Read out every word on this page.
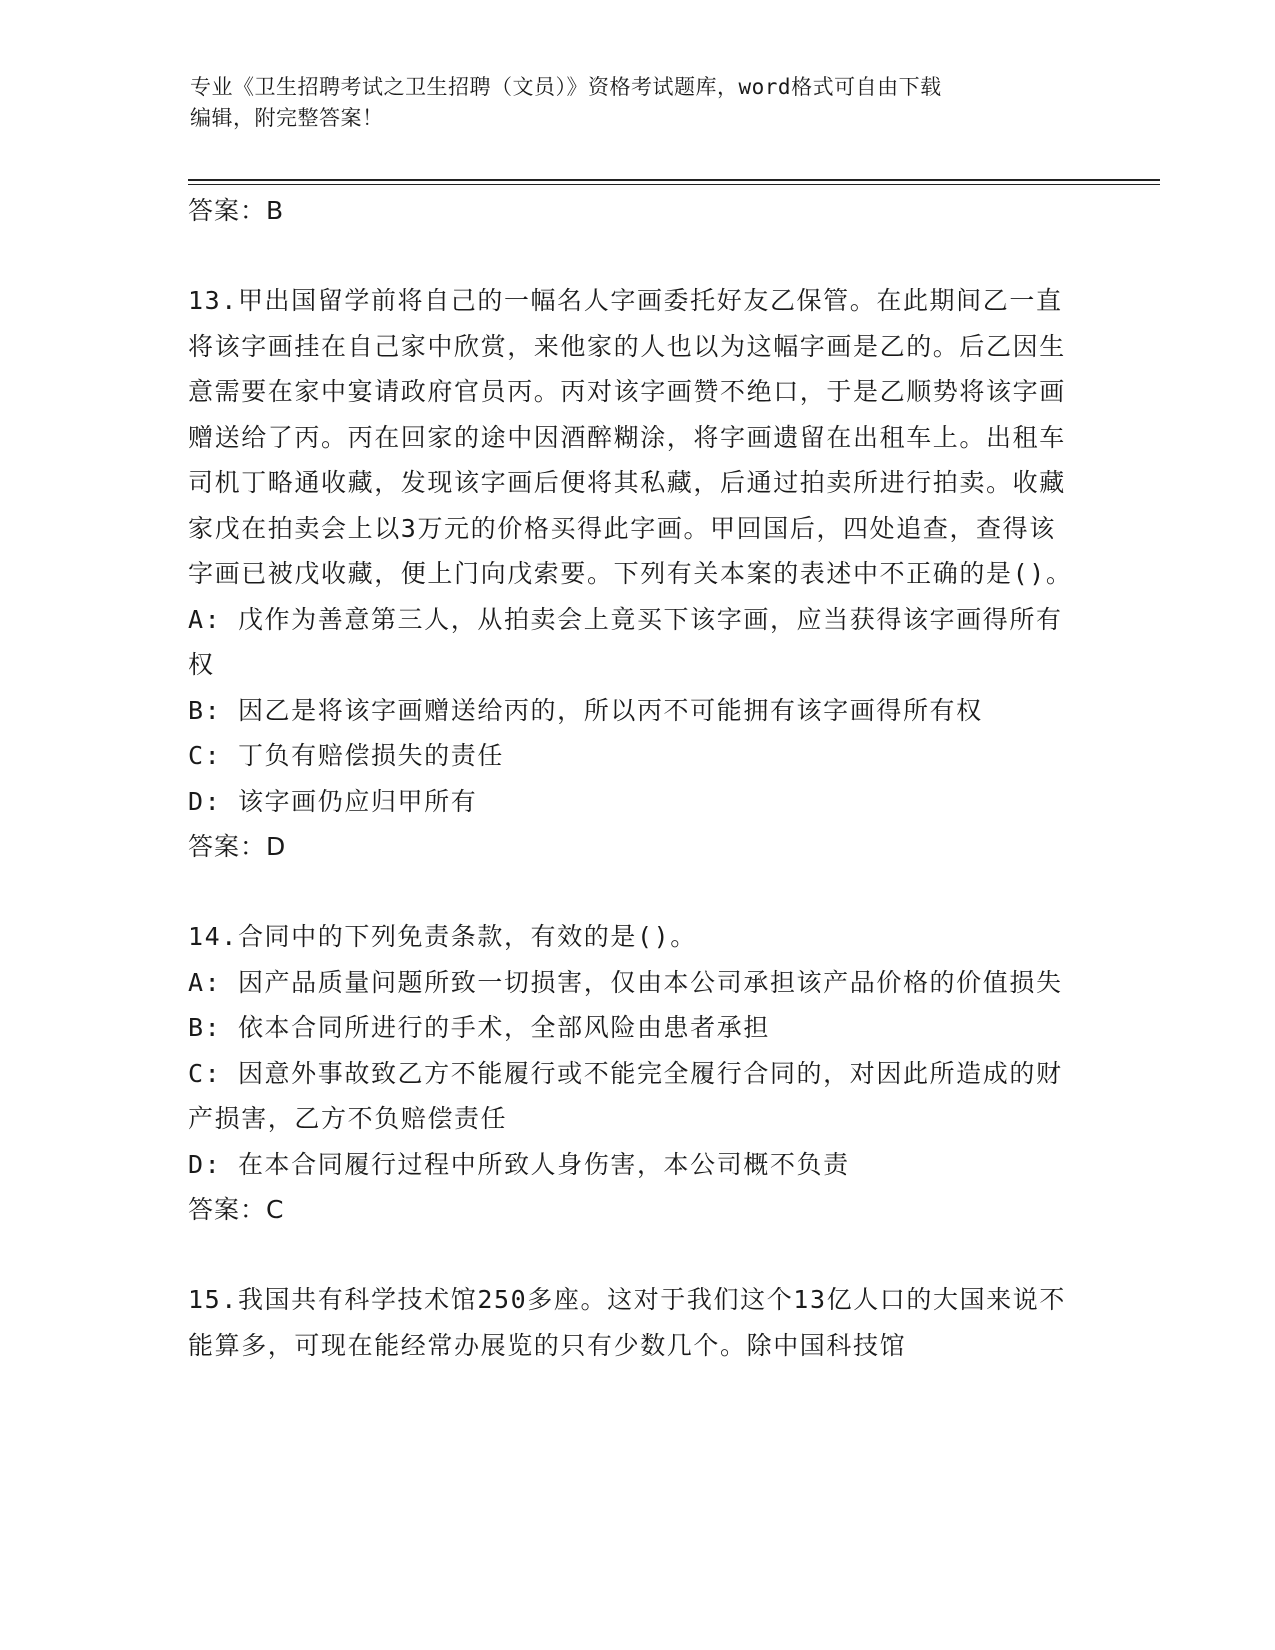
专业《卫生招聘考试之卫生招聘（文员）》资格考试题库，word格式可自由下载
编辑，附完整答案！
答案：B
13.甲出国留学前将自己的一幅名人字画委托好友乙保管。在此期间乙一直将该字画挂在自己家中欣赏，来他家的人也以为这幅字画是乙的。后乙因生意需要在家中宴请政府官员丙。丙对该字画赞不绝口，于是乙顺势将该字画赠送给了丙。丙在回家的途中因酒醉糊涂，将字画遗留在出租车上。出租车司机丁略通收藏，发现该字画后便将其私藏，后通过拍卖所进行拍卖。收藏家戊在拍卖会上以3万元的价格买得此字画。甲回国后，四处追查，查得该字画已被戊收藏，便上门向戊索要。下列有关本案的表述中不正确的是()。
A: 戊作为善意第三人，从拍卖会上竟买下该字画，应当获得该字画得所有权
B: 因乙是将该字画赠送给丙的，所以丙不可能拥有该字画得所有权
C: 丁负有赔偿损失的责任
D: 该字画仍应归甲所有
答案：D
14.合同中的下列免责条款，有效的是()。
A: 因产品质量问题所致一切损害，仅由本公司承担该产品价格的价值损失
B: 依本合同所进行的手术，全部风险由患者承担
C: 因意外事故致乙方不能履行或不能完全履行合同的，对因此所造成的财产损害，乙方不负赔偿责任
D: 在本合同履行过程中所致人身伤害，本公司概不负责
答案：C
15.我国共有科学技术馆250多座。这对于我们这个13亿人口的大国来说不能算多，可现在能经常办展览的只有少数几个。除中国科技馆
